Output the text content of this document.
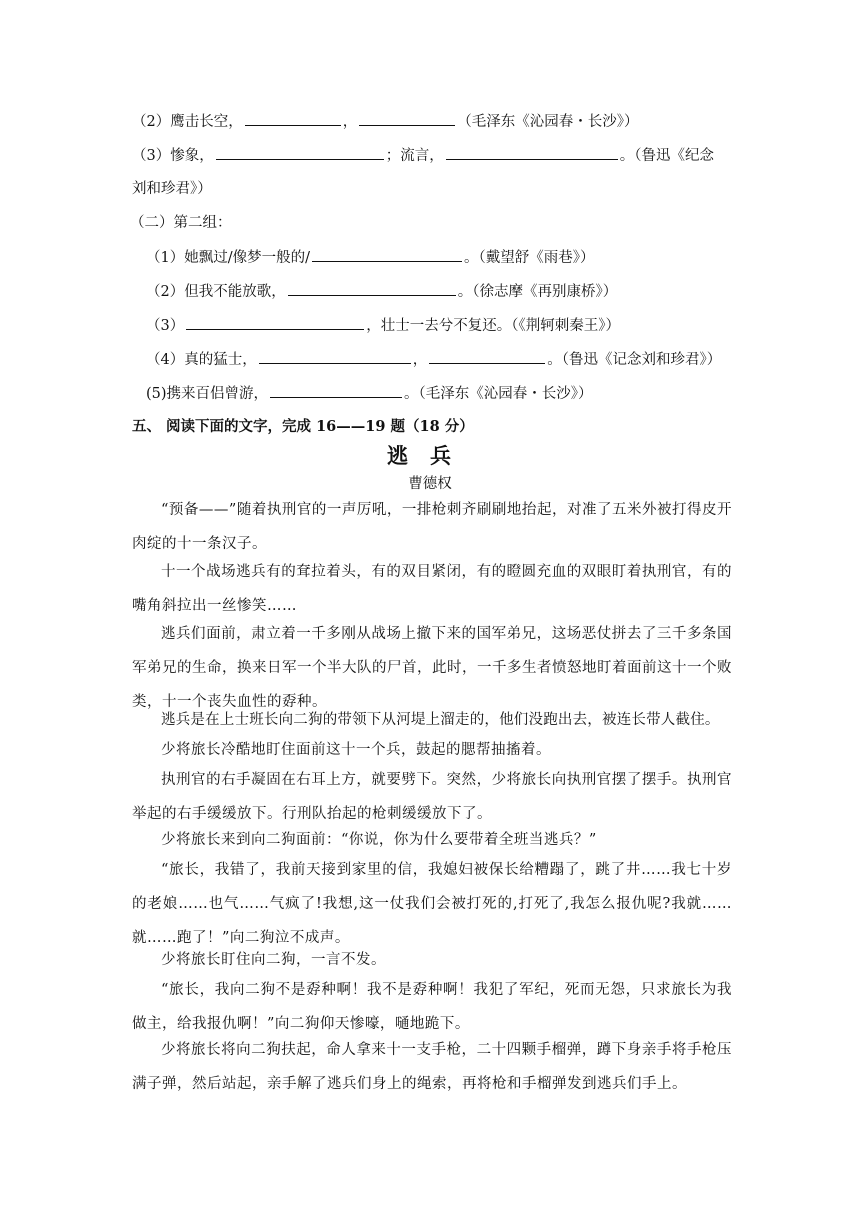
（2）鹰击长空，	，	（毛泽东《沁园春・长沙》）
（3）惨象，	；流言，	。（鲁迅《纪念
刘和珍君》）
（二）第二组：
（1）她飘过/像梦一般的/	。（戴望舒《雨巷》）
（2）但我不能放歌，	。（徐志摩《再别康桥》）
（3）	，壮士一去兮不复还。（《荆轲刺秦王》）
（4）真的猛士，	，	。（鲁迅《记念刘和珍君》）
(5)携来百侣曾游，	。（毛泽东《沁园春・长沙》）
五、 阅读下面的文字，完成 16——19 题（18 分）
逃兵
曹德权
“预备——”随着执刑官的一声厉吼，一排枪刺齐刷刷地抬起，对准了五米外被打得皮开肉绽的十一条汉子。
十一个战场逃兵有的耷拉着头，有的双目紧闭，有的瞪圆充血的双眼盯着执刑官，有的嘴角斜拉出一丝惨笑……
逃兵们面前，肃立着一千多刚从战场上撤下来的国军弟兄，这场恶仗拼去了三千多条国军弟兄的生命，换来日军一个半大队的尸首，此时，一千多生者愤怒地盯着面前这十一个败类，十一个丧失血性的孬种。
逃兵是在上士班长向二狗的带领下从河堤上溜走的，他们没跑出去，被连长带人截住。
少将旅长冷酷地盯住面前这十一个兵，鼓起的腮帮抽搐着。
执刑官的右手凝固在右耳上方，就要劈下。突然，少将旅长向执刑官摆了摆手。执刑官举起的右手缓缓放下。行刑队抬起的枪刺缓缓放下了。
少将旅长来到向二狗面前：“你说，你为什么要带着全班当逃兵？”
“旅长，我错了，我前天接到家里的信，我媳妇被保长给糟蹋了，跳了井……我七十岁的老娘……也气……气疯了!我想,这一仗我们会被打死的,打死了,我怎么报仇呢?我就……就……跑了！”向二狗泣不成声。
少将旅长盯住向二狗，一言不发。
“旅长，我向二狗不是孬种啊！我不是孬种啊！我犯了军纪，死而无怨，只求旅长为我做主，给我报仇啊！”向二狗仰天惨嚎，嗵地跪下。
少将旅长将向二狗扶起，命人拿来十一支手枪，二十四颗手榴弹，蹲下身亲手将手枪压满子弹，然后站起，亲手解了逃兵们身上的绳索，再将枪和手榴弹发到逃兵们手上。
